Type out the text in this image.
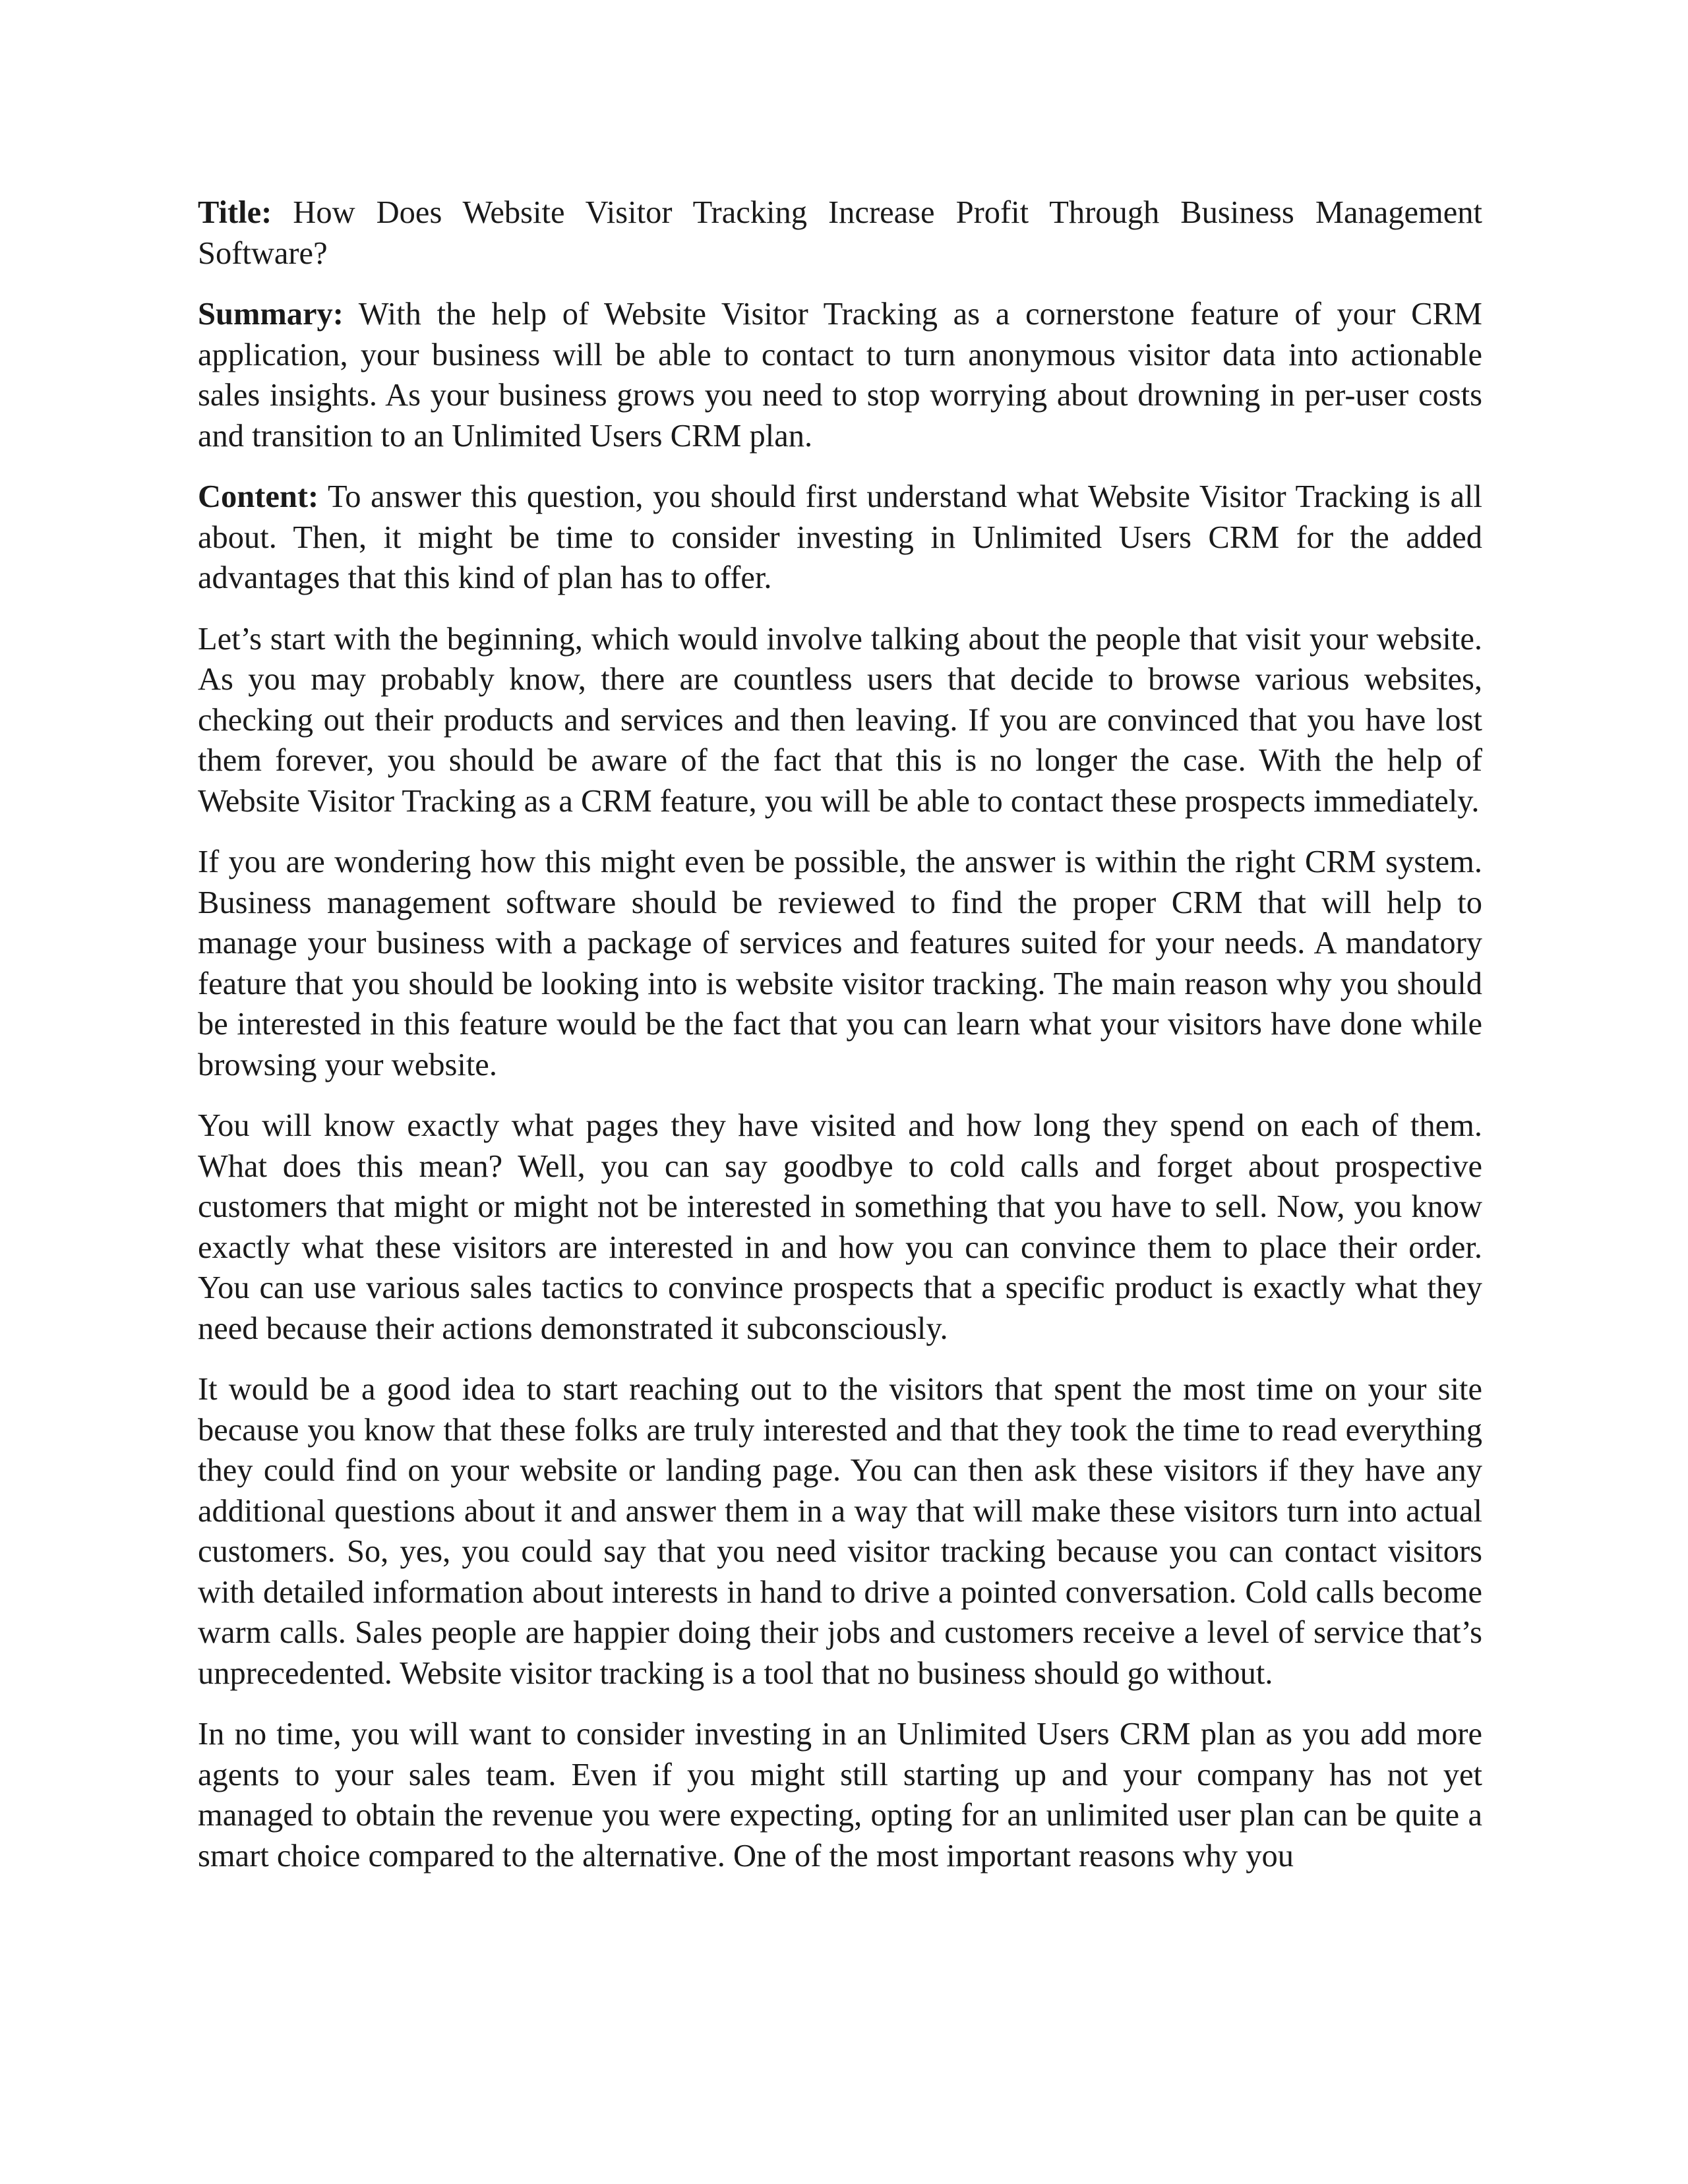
Title: How Does Website Visitor Tracking Increase Profit Through Business Management Software?

Summary: With the help of Website Visitor Tracking as a cornerstone feature of your CRM application, your business will be able to contact to turn anonymous visitor data into actionable sales insights. As your business grows you need to stop worrying about drowning in per-user costs and transition to an Unlimited Users CRM plan.

Content: To answer this question, you should first understand what Website Visitor Tracking is all about. Then, it might be time to consider investing in Unlimited Users CRM for the added advantages that this kind of plan has to offer.

Let’s start with the beginning, which would involve talking about the people that visit your website. As you may probably know, there are countless users that decide to browse various websites, checking out their products and services and then leaving. If you are convinced that you have lost them forever, you should be aware of the fact that this is no longer the case. With the help of Website Visitor Tracking as a CRM feature, you will be able to contact these prospects immediately.

If you are wondering how this might even be possible, the answer is within the right CRM system. Business management software should be reviewed to find the proper CRM that will help to manage your business with a package of services and features suited for your needs. A mandatory feature that you should be looking into is website visitor tracking. The main reason why you should be interested in this feature would be the fact that you can learn what your visitors have done while browsing your website.

You will know exactly what pages they have visited and how long they spend on each of them. What does this mean? Well, you can say goodbye to cold calls and forget about prospective customers that might or might not be interested in something that you have to sell. Now, you know exactly what these visitors are interested in and how you can convince them to place their order. You can use various sales tactics to convince prospects that a specific product is exactly what they need because their actions demonstrated it subconsciously.

It would be a good idea to start reaching out to the visitors that spent the most time on your site because you know that these folks are truly interested and that they took the time to read everything they could find on your website or landing page. You can then ask these visitors if they have any additional questions about it and answer them in a way that will make these visitors turn into actual customers. So, yes, you could say that you need visitor tracking because you can contact visitors with detailed information about interests in hand to drive a pointed conversation. Cold calls become warm calls. Sales people are happier doing their jobs and customers receive a level of service that’s unprecedented. Website visitor tracking is a tool that no business should go without.

In no time, you will want to consider investing in an Unlimited Users CRM plan as you add more agents to your sales team. Even if you might still starting up and your company has not yet managed to obtain the revenue you were expecting, opting for an unlimited user plan can be quite a smart choice compared to the alternative. One of the most important reasons why you
